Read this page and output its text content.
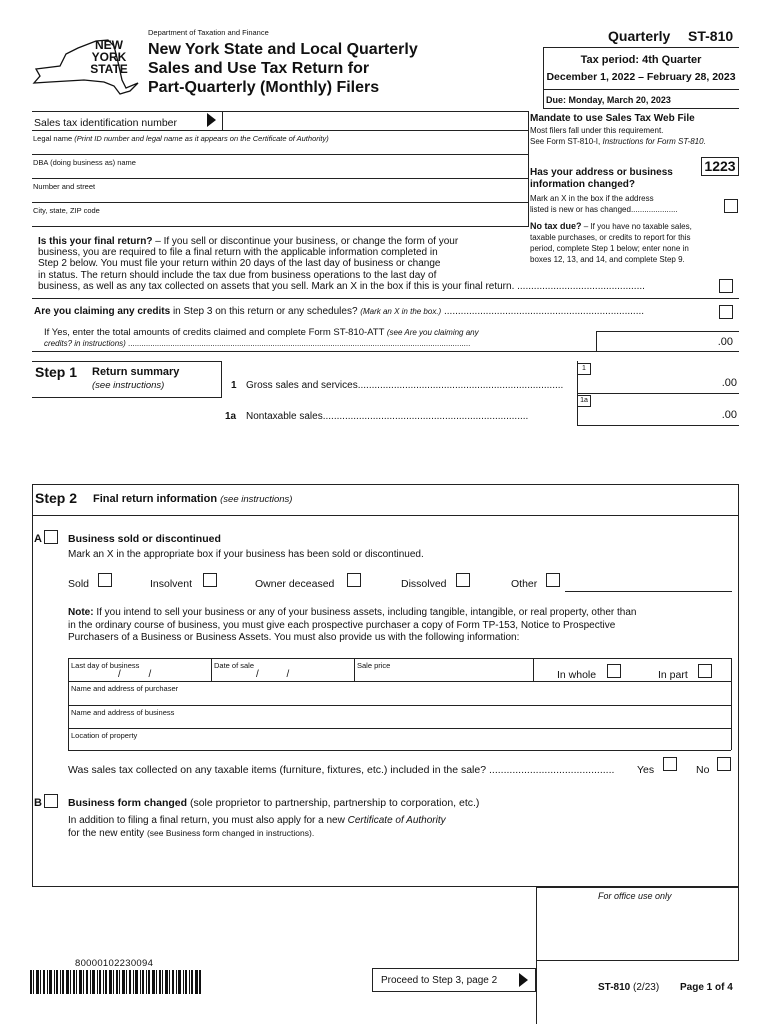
NEW
YORK
STATE
Department of Taxation and Finance
New York State and Local Quarterly
Sales and Use Tax Return for
Part-Quarterly (Monthly) Filers
Quarterly ST-810
Tax period: 4th Quarter
December 1, 2022 – February 28, 2023
Due: Monday, March 20, 2023
Sales tax identification number
Legal name (Print ID number and legal name as it appears on the Certificate of Authority)
DBA (doing business as) name
Number and street
City, state, ZIP code
Mandate to use Sales Tax Web File
Most filers fall under this requirement.
See Form ST-810-I, Instructions for Form ST-810.
1223
Has your address or business
information changed?
Mark an X in the box if the address
listed is new or has changed.....................
No tax due? – If you have no taxable sales,
taxable purchases, or credits to report for this
period, complete Step 1 below; enter none in
boxes 12, 13, and 14, and complete Step 9.
Is this your final return? – If you sell or discontinue your business, or change the form of your
business, you are required to file a final return with the applicable information completed in
Step 2 below. You must file your return within 20 days of the last day of business or change
in status. The return should include the tax due from business operations to the last day of
business, as well as any tax collected on assets that you sell. Mark an X in the box if this is your final return. ..............................................
Are you claiming any credits in Step 3 on this return or any schedules? (Mark an X in the box.) ........................................................................
If Yes, enter the total amounts of credits claimed and complete Form ST-810-ATT (see Are you claiming any
credits? in instructions) ..........................................................................................................................................................	.00
Step 1 Return summary
(see instructions)	1 Gross sales and services..........................................................................
1
.00
1a Nontaxable sales..........................................................................
1a
.00
Step 2 Final return information (see instructions)
A Business sold or discontinued
Mark an X in the appropriate box if your business has been sold or discontinued.
Sold	Insolvent	Owner deceased	Dissolved	Other
Note: If you intend to sell your business or any of your business assets, including tangible, intangible, or real property, other than
in the ordinary course of business, you must give each prospective purchaser a copy of Form TP-153, Notice to Prospective
Purchasers of a Business or Business Assets. You must also provide us with the following information:
Last day of business
/          /
Date of sale
/          /
Sale price
In whole	In part
Name and address of purchaser
Name and address of business
Location of property
Was sales tax collected on any taxable items (furniture, fixtures, etc.) included in the sale? ...........................................	Yes	No
B Business form changed (sole proprietor to partnership, partnership to corporation, etc.)
In addition to filing a final return, you must also apply for a new Certificate of Authority
for the new entity (see Business form changed in instructions).
For office use only
80000102230094
Proceed to Step 3, page 2
ST-810 (2/23) Page 1 of 4
